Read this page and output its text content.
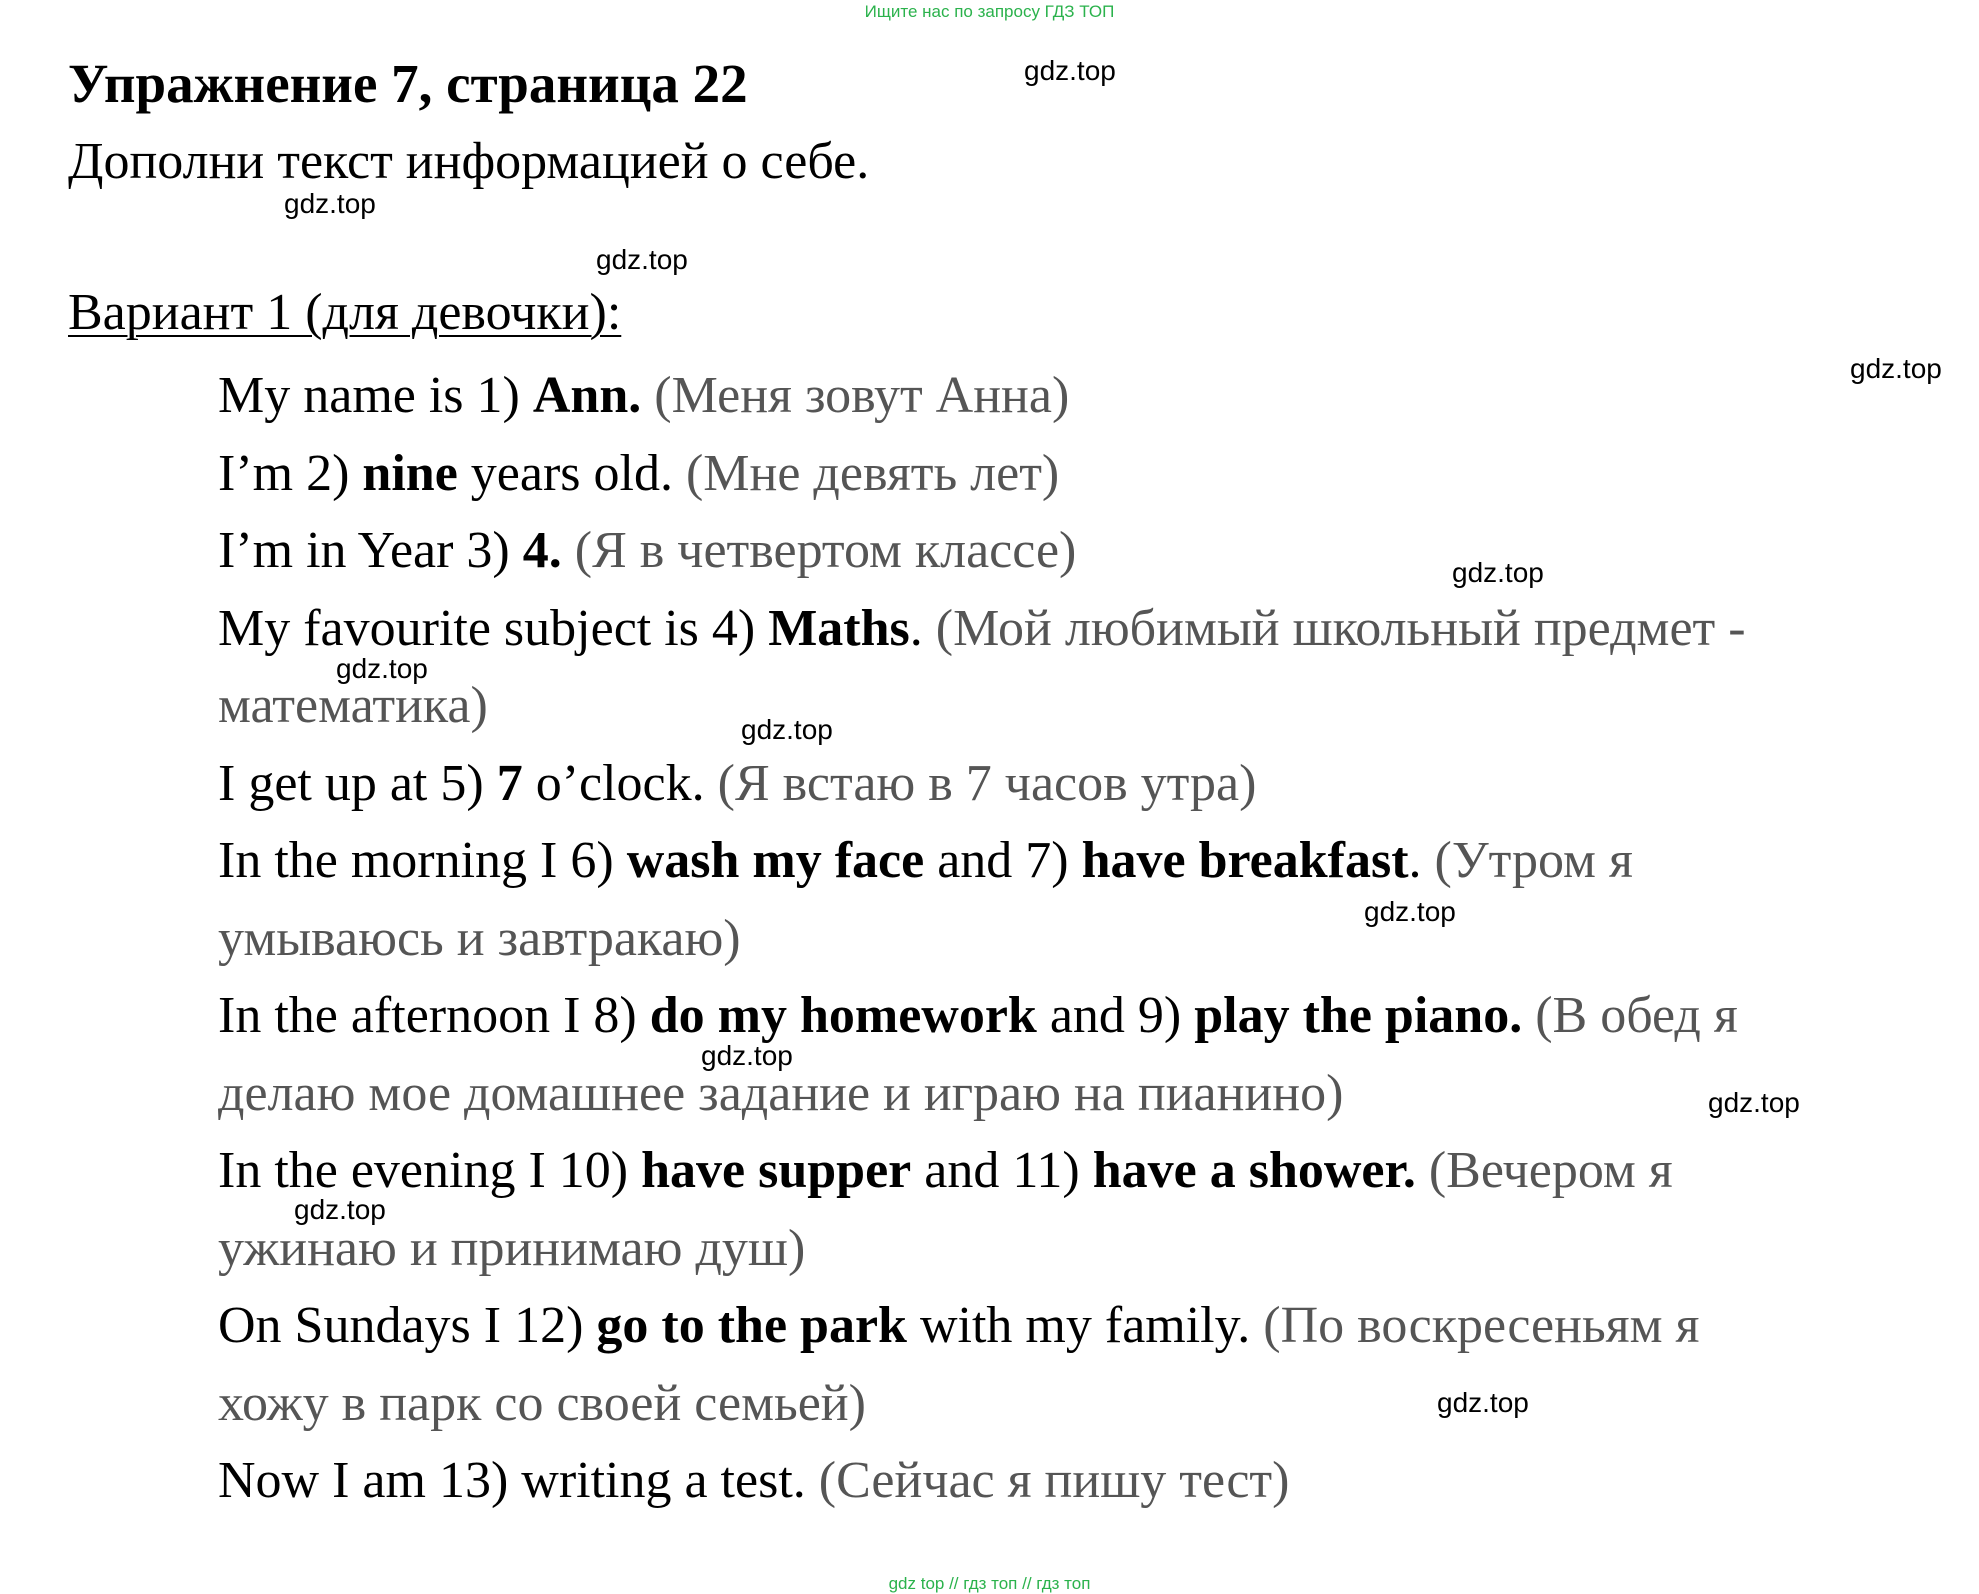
Ищите нас по запросу ГДЗ ТОП
Упражнение 7, страница 22
Дополни текст информацией о себе.
Вариант 1 (для девочки):
My name is 1) Ann. (Меня зовут Анна)
I’m 2) nine years old. (Мне девять лет)
I’m in Year 3) 4. (Я в четвертом классе)
My favourite subject is 4) Maths. (Мой любимый школьный предмет -
математика)
I get up at 5) 7 o’clock. (Я встаю в 7 часов утра)
In the morning I 6) wash my face and 7) have breakfast. (Утром я
умываюсь и завтракаю)
In the afternoon I 8) do my homework and 9) play the piano. (В обед я
делаю мое домашнее задание и играю на пианино)
In the evening I 10) have supper and 11) have a shower. (Вечером я
ужинаю и принимаю душ)
On Sundays I 12) go to the park with my family. (По воскресеньям я
хожу в парк со своей семьей)
Now I am 13) writing a test. (Сейчас я пишу тест)
gdz.top
gdz.top
gdz.top
gdz.top
gdz.top
gdz.top
gdz.top
gdz.top
gdz.top
gdz.top
gdz.top
gdz.top
gdz top // гдз топ // гдз топ
